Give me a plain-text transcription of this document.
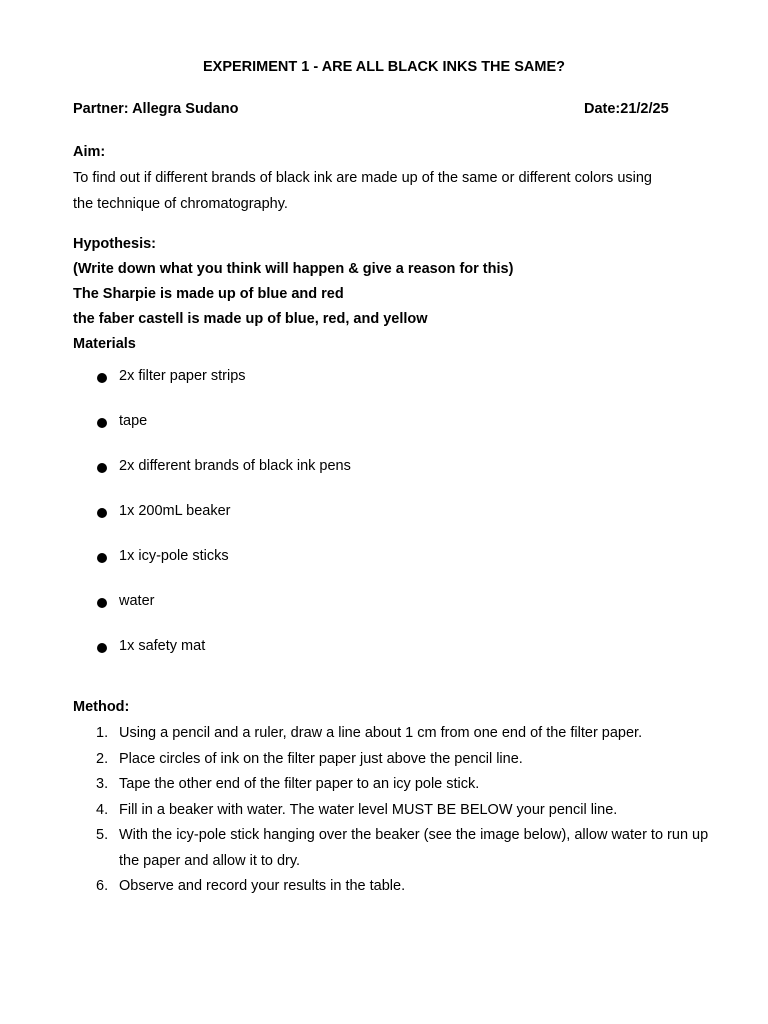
EXPERIMENT 1 - ARE ALL BLACK INKS THE SAME?
Partner: Allegra Sudano	Date:21/2/25
Aim:
To find out if different brands of black ink are made up of the same or different colors using
the technique of chromatography.
Hypothesis:
(Write down what you think will happen & give a reason for this)
The Sharpie is made up of blue and red
the faber castell is made up of blue, red, and yellow
Materials
2x filter paper strips
tape
2x different brands of black ink pens
1x 200mL beaker
1x icy-pole sticks
water
1x safety mat
Method:
1. Using a pencil and a ruler, draw a line about 1 cm from one end of the filter paper.
2. Place circles of ink on the filter paper just above the pencil line.
3. Tape the other end of the filter paper to an icy pole stick.
4. Fill in a beaker with water. The water level MUST BE BELOW your pencil line.
5. With the icy-pole stick hanging over the beaker (see the image below), allow water to run up the paper and allow it to dry.
6. Observe and record your results in the table.
